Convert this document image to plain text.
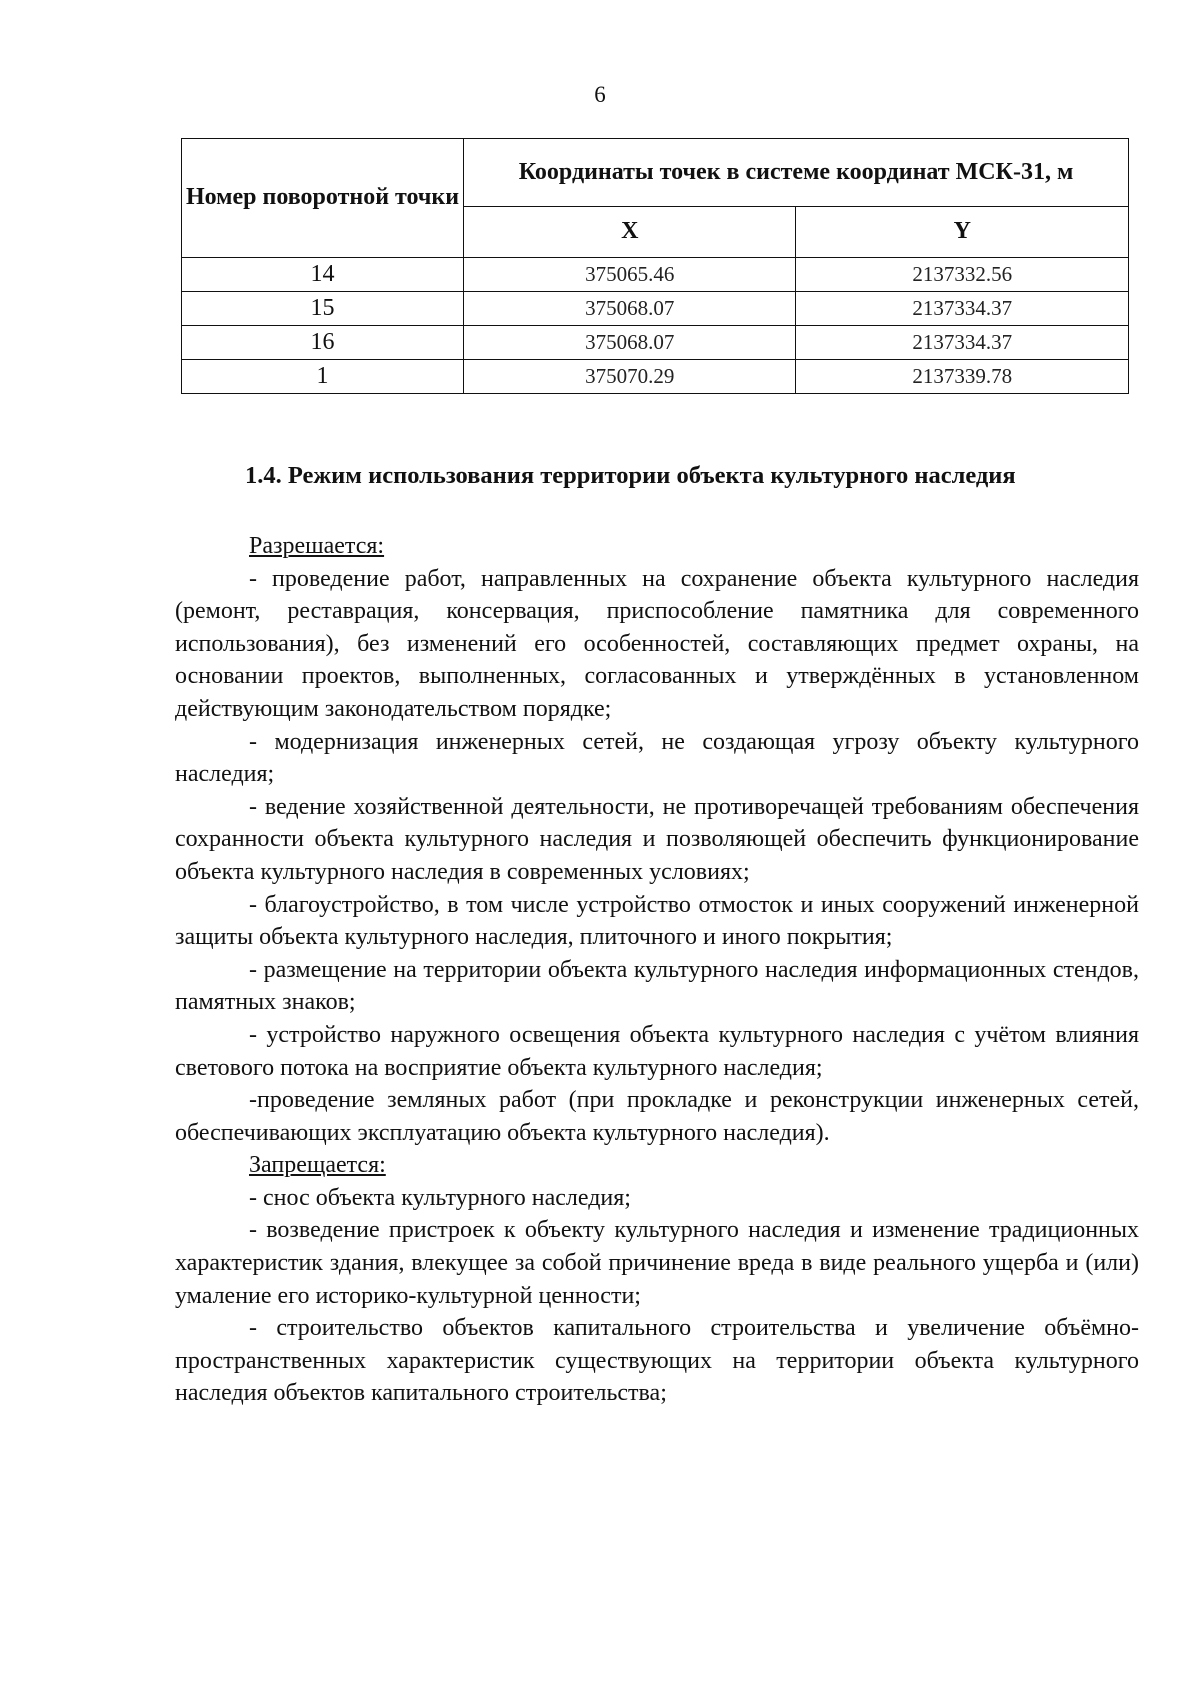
6
Номер поворотной точки	Координаты точек в системе координат МСК-31, м	
	X	Y
14	375065.46	2137332.56
15	375068.07	2137334.37
16	375068.07	2137334.37
1	375070.29	2137339.78
1.4. Режим использования территории объекта культурного наследия

Разрешается:

- проведение работ, направленных на сохранение объекта культурного наследия (ремонт, реставрация, консервация, приспособление памятника для современного использования), без изменений его особенностей, составляющих предмет охраны, на основании проектов, выполненных, согласованных и утверждённых в установленном действующим законодательством порядке;

- модернизация инженерных сетей, не создающая угрозу объекту культурного наследия;

- ведение хозяйственной деятельности, не противоречащей требованиям обеспечения сохранности объекта культурного наследия и позволяющей обеспечить функционирование объекта культурного наследия в современных условиях;

- благоустройство, в том числе устройство отмосток и иных сооружений инженерной защиты объекта культурного наследия, плиточного и иного покрытия;

- размещение на территории объекта культурного наследия информационных стендов, памятных знаков;

- устройство наружного освещения объекта культурного наследия с учётом влияния светового потока на восприятие объекта культурного наследия;

-проведение земляных работ (при прокладке и реконструкции инженерных сетей, обеспечивающих эксплуатацию объекта культурного наследия).

Запрещается:

- снос объекта культурного наследия;

- возведение пристроек к объекту культурного наследия и изменение традиционных характеристик здания, влекущее за собой причинение вреда в виде реального ущерба и (или) умаление его историко-культурной ценности;

- строительство объектов капитального строительства и увеличение объёмно-пространственных характеристик существующих на территории объекта культурного наследия объектов капитального строительства;
